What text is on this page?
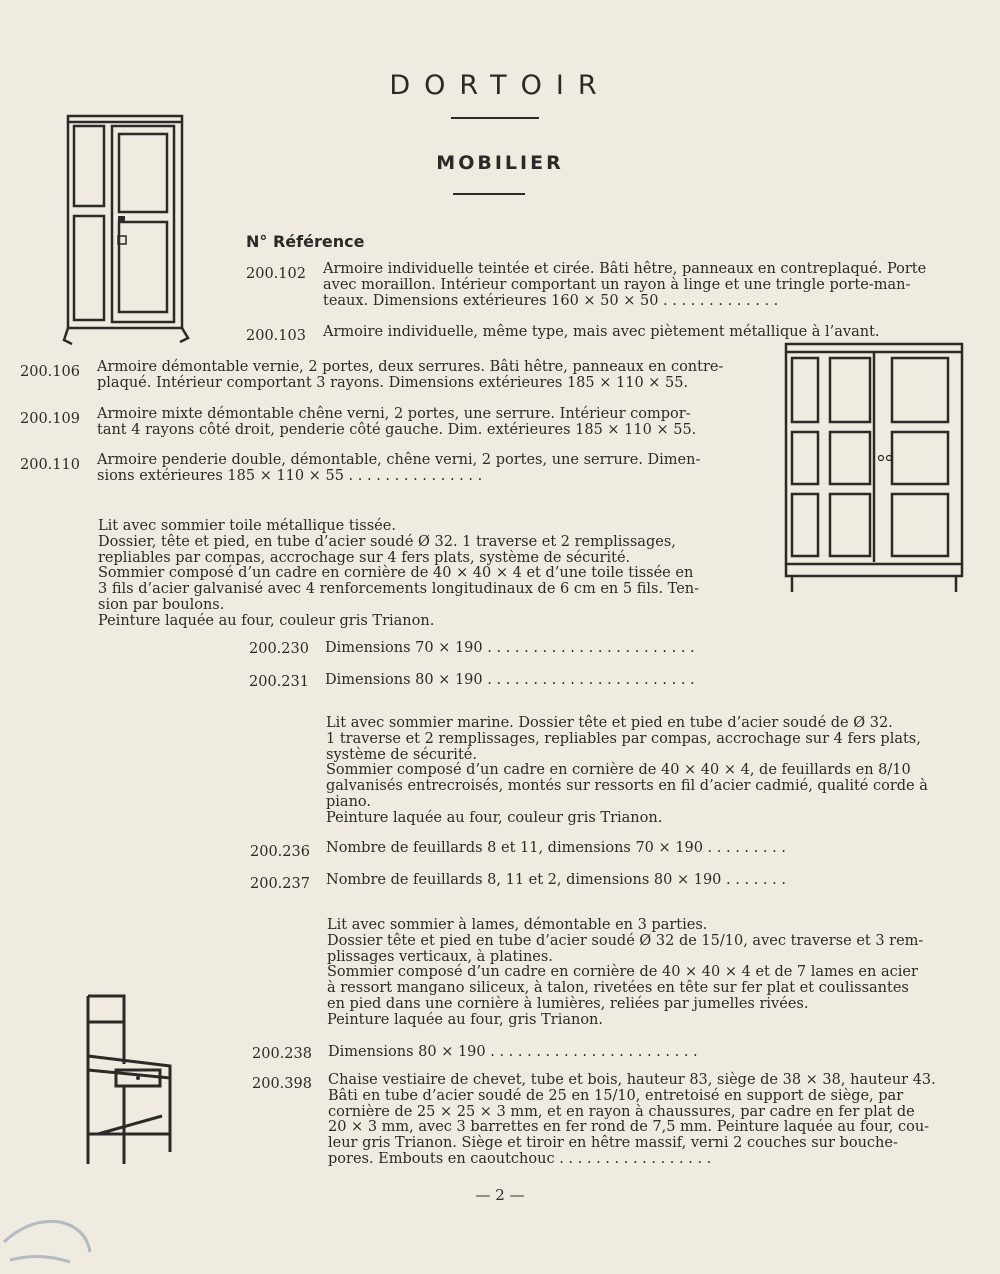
DORTOIR
MOBILIER
N° Référence
200.102 Armoire individuelle teintée et cirée. Bâti hêtre, panneaux en contreplaqué. Porte
avec moraillon. Intérieur comportant un rayon à linge et une tringle porte-man-
teaux. Dimensions extérieures 160 × 50 × 50 . . . . . . . . . . . . .
200.103 Armoire individuelle, même type, mais avec piètement métallique à l’avant.
200.106 Armoire démontable vernie, 2 portes, deux serrures. Bâti hêtre, panneaux en contre-
plaqué. Intérieur comportant 3 rayons. Dimensions extérieures 185 × 110 × 55.
200.109 Armoire mixte démontable chêne verni, 2 portes, une serrure. Intérieur compor-
tant 4 rayons côté droit, penderie côté gauche. Dim. extérieures 185 × 110 × 55.
200.110 Armoire penderie double, démontable, chêne verni, 2 portes, une serrure. Dimen-
sions extérieures 185 × 110 × 55 . . . . . . . . . . . . . . .
Lit avec sommier toile métallique tissée.
Dossier, tête et pied, en tube d’acier soudé Ø 32. 1 traverse et 2 remplissages,
repliables par compas, accrochage sur 4 fers plats, système de sécurité.
Sommier composé d’un cadre en cornière de 40 × 40 × 4 et d’une toile tissée en
3 fils d’acier galvanisé avec 4 renforcements longitudinaux de 6 cm en 5 fils. Ten-
sion par boulons.
Peinture laquée au four, couleur gris Trianon.
200.230 Dimensions 70 × 190 . . . . . . . . . . . . . . . . . . . . . . .
200.231 Dimensions 80 × 190 . . . . . . . . . . . . . . . . . . . . . . .
Lit avec sommier marine. Dossier tête et pied en tube d’acier soudé de Ø 32.
1 traverse et 2 remplissages, repliables par compas, accrochage sur 4 fers plats,
système de sécurité.
Sommier composé d’un cadre en cornière de 40 × 40 × 4, de feuillards en 8/10
galvanisés entrecroisés, montés sur ressorts en fil d’acier cadmié, qualité corde à
piano.
Peinture laquée au four, couleur gris Trianon.
200.236 Nombre de feuillards 8 et 11, dimensions 70 × 190 . . . . . . . . .
200.237 Nombre de feuillards 8, 11 et 2, dimensions 80 × 190 . . . . . . .
Lit avec sommier à lames, démontable en 3 parties.
Dossier tête et pied en tube d’acier soudé Ø 32 de 15/10, avec traverse et 3 rem-
plissages verticaux, à platines.
Sommier composé d’un cadre en cornière de 40 × 40 × 4 et de 7 lames en acier
à ressort mangano siliceux, à talon, rivetées en tête sur fer plat et coulissantes
en pied dans une cornière à lumières, reliées par jumelles rivées.
Peinture laquée au four, gris Trianon.
200.238 Dimensions 80 × 190 . . . . . . . . . . . . . . . . . . . . . . .
200.398 Chaise vestiaire de chevet, tube et bois, hauteur 83, siège de 38 × 38, hauteur 43.
Bâti en tube d’acier soudé de 25 en 15/10, entretoisé en support de siège, par
cornière de 25 × 25 × 3 mm, et en rayon à chaussures, par cadre en fer plat de
20 × 3 mm, avec 3 barrettes en fer rond de 7,5 mm. Peinture laquée au four, cou-
leur gris Trianon. Siège et tiroir en hêtre massif, verni 2 couches sur bouche-
pores. Embouts en caoutchouc . . . . . . . . . . . . . . . . .
— 2 —
